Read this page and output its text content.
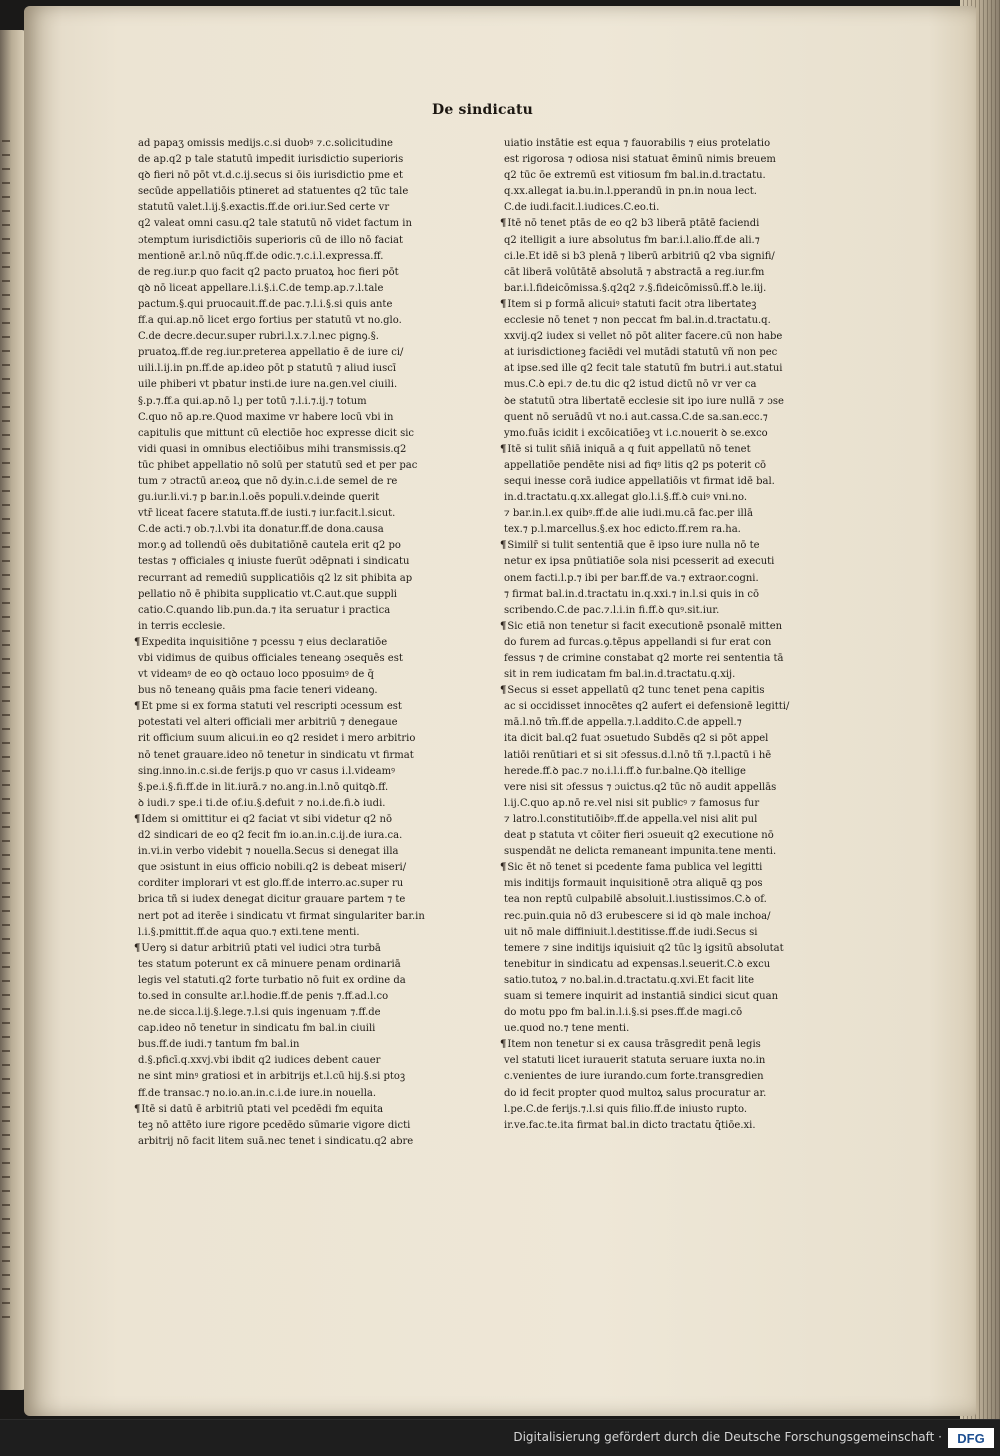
De sindicatu
ad papaʒ omissis medijs.c.si duobꝰ ⁊.c.solicitudine
de ap.q2 p tale statutū impedit iurisdictio superioris
qꝺ fieri nō pōt vt.d.c.ij.secus si ōis iurisdictio pme et
secūde appellatiōis ptineret ad statuentes q2 tūc tale
statutū valet.l.ij.§.exactis.ff.de ori.iur.Sed certe vr
q2 valeat omni casu.q2 tale statutū nō videt factum in
ɔtemptum iurisdictiōis superioris cū de illo nō faciat
mentionē ar.l.nō nūq.ff.de odic.⁊.c.i.l.expressa.ff.
de reg.iur.p quo facit q2 pacto pruatoꝝ hoc fieri pōt
qꝺ nō liceat appellare.l.i.§.i.C.de temp.ap.⁊.l.tale
pactum.§.qui pruocauit.ff.de pac.⁊.l.i.§.si quis ante
ff.a qui.ap.nō licet ergo fortius per statutū vt no.glo.
C.de decre.decur.super rubri.l.x.⁊.l.nec pignꝯ.§.
pruatoꝝ.ff.de reg.iur.preterea appellatio ē de iure ci/
uili.l.ij.in pn.ff.de ap.ideo pōt p statutū ⁊ aliud iuscī
uile phiberi vt pbatur insti.de iure na.gen.vel ciuili.
§.p.⁊.ff.a qui.ap.nō l.ȷ per totū ⁊.l.i.⁊.ij.⁊ totum
C.quo nō ap.re.Quod maxime vr habere locū vbi in
capitulis que mittunt cū electiōe hoc expresse dicit sic
vidi quasi in omnibus electiōibus mihi transmissis.q2
tūc phibet appellatio nō solū per statutū sed et per pac
tum ⁊ ɔtractū ar.eoꝝ que nō dy.in.c.i.de semel de re
gu.iur.li.vi.⁊ p bar.in.l.oēs populi.v.deinde querit
vtr̄ liceat facere statuta.ff.de iusti.⁊ iur.facit.l.sicut.
C.de acti.⁊ ob.⁊.l.vbi ita donatur.ff.de dona.causa
mor.ꝯ ad tollendū oēs dubitatiōnē cautela erit q2 po
testas ⁊ officiales q iniuste fuerūt ɔdēpnati i sindicatu
recurrant ad remediū supplicatiōis q2 lz sit phibita ap
pellatio nō ē phibita supplicatio vt.C.aut.que suppli
catio.C.quando lib.pun.da.⁊ ita seruatur i practica
in terris ecclesie.
¶Expedita inquisitiōne ⁊ pcessu ⁊ eius declaratiōe
vbi vidimus de quibus officiales teneanꝯ ɔsequēs est
vt videamꝰ de eo qꝺ octauo loco pposuimꝰ de q̄
bus nō teneanꝯ quāis pma facie teneri videanꝯ.
¶Et pme si ex forma statuti vel rescripti ɔcessum est
potestati vel alteri officiali mer arbitriū ⁊ denegaue
rit officium suum alicui.in eo q2 residet i mero arbitrio
nō tenet grauare.ideo nō tenetur in sindicatu vt firmat
sing.inno.in.c.si.de ferijs.p quo vr casus i.l.videamꝰ
§.pe.i.§.fi.ff.de in lit.iurā.⁊ no.ang.in.l.nō quitqꝺ.ff.
ꝺ iudi.⁊ spe.i ti.de of.iu.§.defuit ⁊ no.i.de.fi.ꝺ iudi.
¶Idem si omittitur ei q2 faciat vt sibi videtur q2 nō
d2 sindicari de eo q2 fecit fm io.an.in.c.ij.de iura.ca.
in.vi.in verbo videbit ⁊ nouella.Secus si denegat illa
que ɔsistunt in eius officio nobili.q2 is debeat miseri/
corditer implorari vt est glo.ff.de interro.ac.super ru
brica tñ si iudex denegat dicitur grauare partem ⁊ te
nert pot ad iterēe i sindicatu vt firmat singulariter bar.in
l.i.§.pmittit.ff.de aqua quo.⁊ exti.tene menti.
¶Uerꝯ si datur arbitriū ptati vel iudici ɔtra turbā
tes statum poterunt ex cā minuere penam ordinariā
legis vel statuti.q2 forte turbatio nō fuit ex ordine da
to.sed in consulte ar.l.hodie.ff.de penis ⁊.ff.ad.l.co
ne.de sicca.l.ij.§.lege.⁊.l.si quis ingenuam ⁊.ff.de
cap.ideo nō tenetur in sindicatu fm bal.in ciuili
bus.ff.de iudi.⁊ tantum fm bal.in
d.§.pficī.q.xxvj.vbi ibdit q2 iudices debent cauer
ne sint minꝰ gratiosi et in arbitrijs et.l.cū hij.§.si ptoꝫ
ff.de transac.⁊ no.io.an.in.c.i.de iure.in nouella.
¶Itē si datū ē arbitriū ptati vel pcedēdi fm equita
teꝫ nō attēto iure rigore pcedēdo sūmarie vigore dicti
arbitrij nō facit litem suā.nec tenet i sindicatu.q2 abre
uiatio instātie est equa ⁊ fauorabilis ⁊ eius protelatio
est rigorosa ⁊ odiosa nisi statuat ēminū nimis breuem
q2 tūc ōe extremū est vitiosum fm bal.in.d.tractatu.
q.xx.allegat ia.bu.in.l.pperandū in pn.in noua lect.
C.de iudi.facit.l.iudices.C.eo.ti.
¶Itē nō tenet ptās de eo q2 b3 liberā ptātē faciendi
q2 itelligit a iure absolutus fm bar.i.l.alio.ff.de ali.⁊
ci.le.Et idē si b3 plenā ⁊ liberū arbitriū q2 vba signifi/
cāt liberā volūtātē absolutā ⁊ abstractā a reg.iur.fm
bar.i.l.fideicōmissa.§.q2q2 ⁊.§.fideicōmissū.ff.ꝺ le.iij.
¶Item si p formā alicuiꝰ statuti facit ɔtra libertateꝫ
ecclesie nō tenet ⁊ non peccat fm bal.in.d.tractatu.q.
xxvij.q2 iudex si vellet nō pōt aliter facere.cū non habe
at iurisdictioneꝫ faciēdi vel mutādi statutū vñ non pec
at ipse.sed ille q2 fecit tale statutū fm butri.i aut.statui
mus.C.ꝺ epi.⁊ de.tu dic q2 istud dictū nō vr ver ca
ꝺe statutū ɔtra libertatē ecclesie sit ipo iure nullā ⁊ ɔse
quent nō seruādū vt no.i aut.cassa.C.de sa.san.ecc.⁊
ymo.fuās icidit i excōicatiōeꝫ vt i.c.nouerit ꝺ se.exco
¶Itē si tulit sñiā iniquā a q fuit appellatū nō tenet
appellatiōe pendēte nisi ad fiqꝰ litis q2 ps poterit cō
sequi inesse corā iudice appellatiōis vt firmat idē bal.
in.d.tractatu.q.xx.allegat glo.l.i.§.ff.ꝺ cuiꝰ vni.no.
⁊ bar.in.l.ex quibꝰ.ff.de alie iudi.mu.cā fac.per illā
tex.⁊ p.l.marcellus.§.ex hoc edicto.ff.rem ra.ha.
¶Similr̄ si tulit sententiā que ē ipso iure nulla nō te
netur ex ipsa pnūtiatiōe sola nisi pcesserit ad executi
onem facti.l.p.⁊ ibi per bar.ff.de va.⁊ extraor.cogni.
⁊ firmat bal.in.d.tractatu in.q.xxi.⁊ in.l.si quis in cō
scribendo.C.de pac.⁊.l.i.in fi.ff.ꝺ quꝰ.sit.iur.
¶Sic etiā non tenetur si facit executionē psonalē mitten
do furem ad furcas.ꝯ.tēpus appellandi si fur erat con
fessus ⁊ de crimine constabat q2 morte rei sententia tā
sit in rem iudicatam fm bal.in.d.tractatu.q.xij.
¶Secus si esset appellatū q2 tunc tenet pena capitis
ac si occidisset innocētes q2 aufert ei defensionē legitti/
mā.l.nō tm̄.ff.de appella.⁊.l.addito.C.de appell.⁊
ita dicit bal.q2 fuat ɔsuetudo Subdēs q2 si pōt appel
latiōi renūtiari et si sit ɔfessus.d.l.nō tñ ⁊.l.pactū i hē
herede.ff.ꝺ pac.⁊ no.i.l.i.ff.ꝺ fur.balne.Qꝺ itellige
vere nisi sit ɔfessus ⁊ ɔuictus.q2 tūc nō audit appellās
l.ij.C.quo ap.nō re.vel nisi sit publicꝰ ⁊ famosus fur
⁊ latro.l.constitutiōibꝰ.ff.de appella.vel nisi alit pul
deat p statuta vt cōiter fieri ɔsueuit q2 executione nō
suspendāt ne delicta remaneant impunita.tene menti.
¶Sic ēt nō tenet si pcedente fama publica vel legitti
mis inditijs formauit inquisitionē ɔtra aliquē qꝫ pos
tea non reptū culpabilē absoluit.l.iustissimos.C.ꝺ of.
rec.puin.quia nō d3 erubescere si id qꝺ male inchoa/
uit nō male diffiniuit.l.destitisse.ff.de iudi.Secus si
temere ⁊ sine inditijs iquisiuit q2 tūc lꝫ igsitū absolutat
tenebitur in sindicatu ad expensas.l.seuerit.C.ꝺ excu
satio.tutoꝝ ⁊ no.bal.in.d.tractatu.q.xvi.Et facit lite
suam si temere inquirit ad instantiā sindici sicut quan
do motu ppo fm bal.in.l.i.§.si pses.ff.de magi.cō
ue.quod no.⁊ tene menti.
¶Item non tenetur si ex causa trāsgredit penā legis
vel statuti licet iurauerit statuta seruare iuxta no.in
c.venientes de iure iurando.cum forte.transgredien
do id fecit propter quod multoꝝ salus procuratur ar.
l.pe.C.de ferijs.⁊.l.si quis filio.ff.de iniusto rupto.
ir.ve.fac.te.ita firmat bal.in dicto tractatu q̄tiōe.xi.
Digitalisierung gefördert durch die Deutsche Forschungsgemeinschaft · DFG
